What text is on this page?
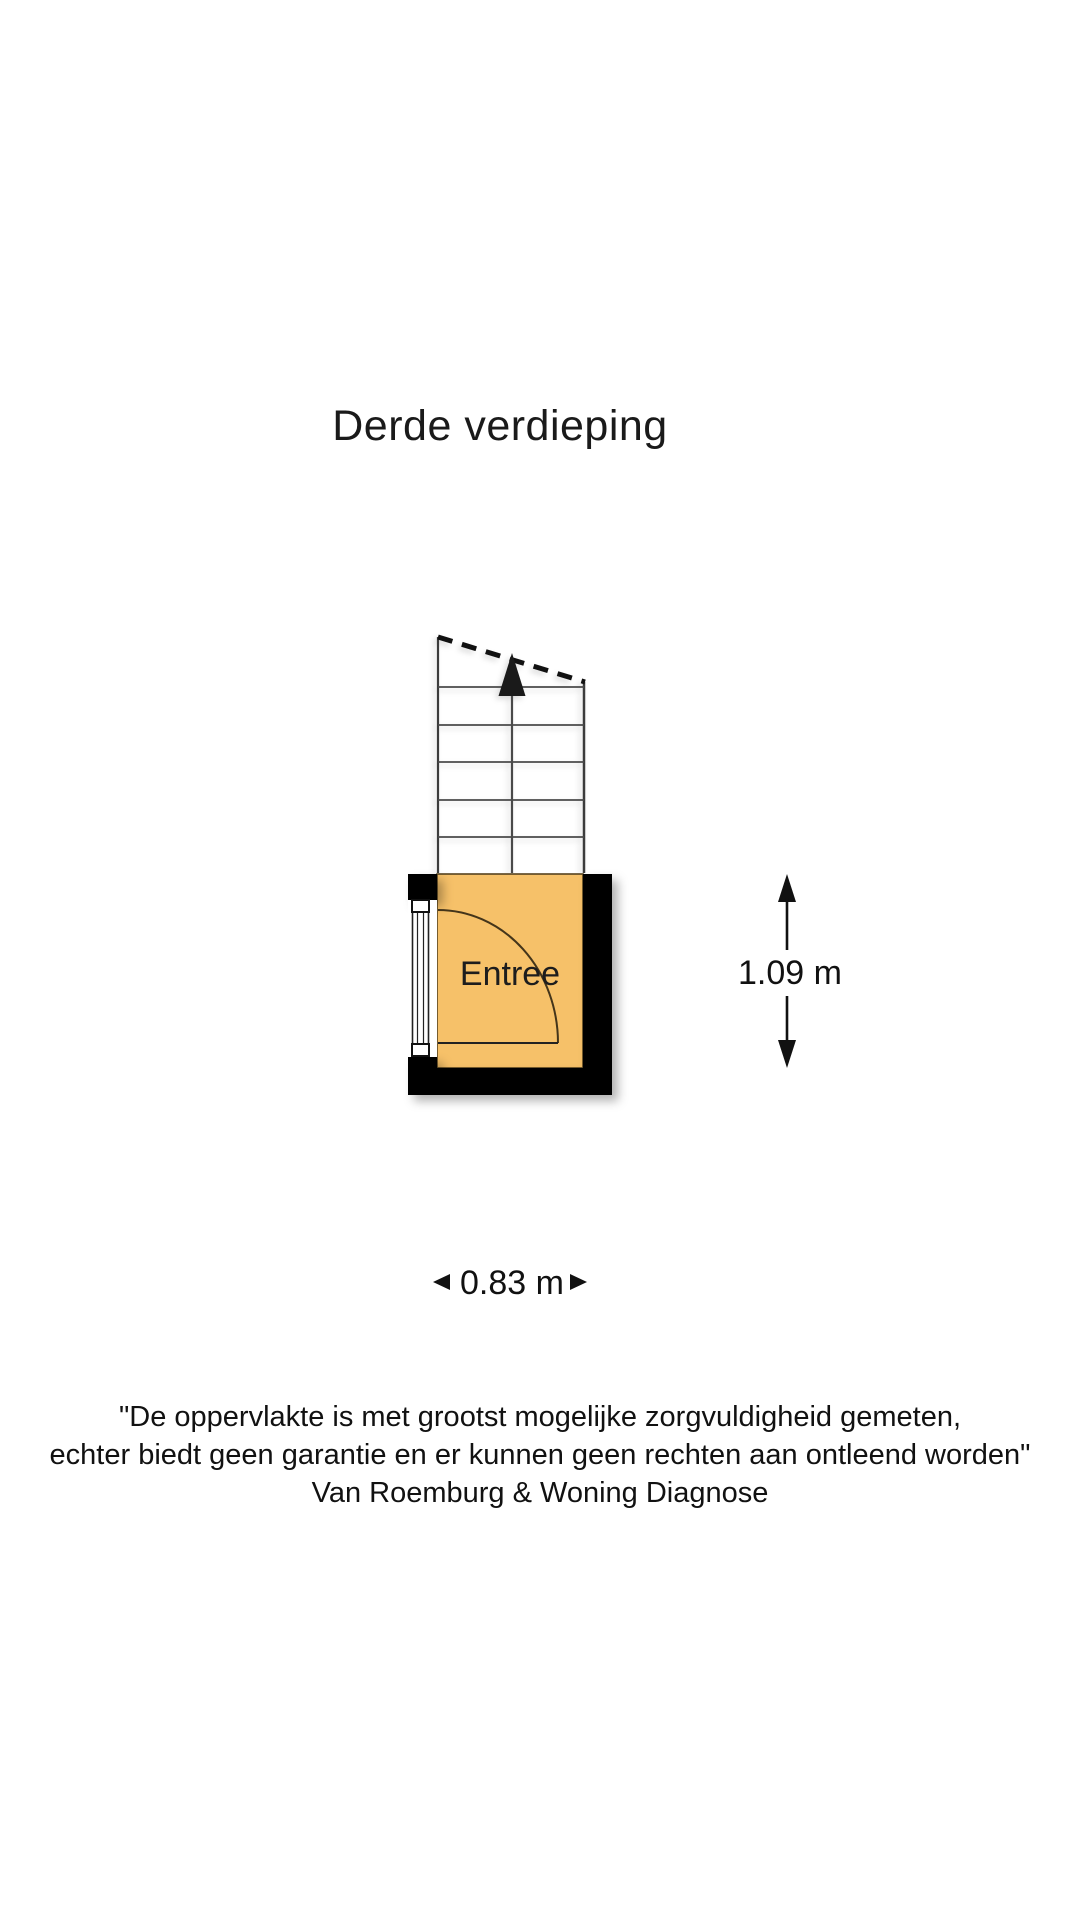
Derde verdieping
Entree	1.09 m
0.83 m
"De oppervlakte is met grootst mogelijke zorgvuldigheid gemeten,
echter biedt geen garantie en er kunnen geen rechten aan ontleend worden"
Van Roemburg & Woning Diagnose
